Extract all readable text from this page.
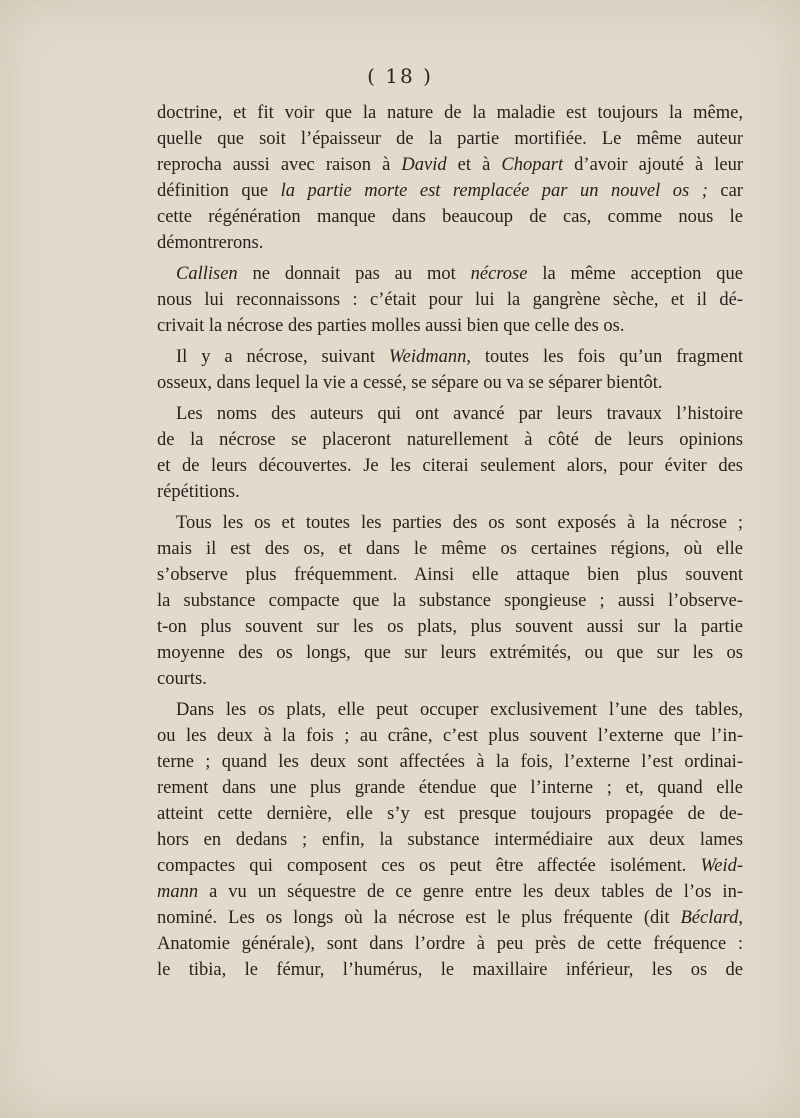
( 18 )
doctrine, et fit voir que la nature de la maladie est toujours la même,
quelle que soit l’épaisseur de la partie mortifiée. Le même auteur
reprocha aussi avec raison à David et à Chopart d’avoir ajouté à leur
définition que la partie morte est remplacée par un nouvel os ; car
cette régénération manque dans beaucoup de cas, comme nous le
démontrerons.
Callisen ne donnait pas au mot nécrose la même acception que
nous lui reconnaissons : c’était pour lui la gangrène sèche, et il dé-
crivait la nécrose des parties molles aussi bien que celle des os.
Il y a nécrose, suivant Weidmann, toutes les fois qu’un fragment
osseux, dans lequel la vie a cessé, se sépare ou va se séparer bientôt.
Les noms des auteurs qui ont avancé par leurs travaux l’histoire
de la nécrose se placeront naturellement à côté de leurs opinions
et de leurs découvertes. Je les citerai seulement alors, pour éviter des
répétitions.
Tous les os et toutes les parties des os sont exposés à la nécrose ;
mais il est des os, et dans le même os certaines régions, où elle
s’observe plus fréquemment. Ainsi elle attaque bien plus souvent
la substance compacte que la substance spongieuse ; aussi l’observe-
t-on plus souvent sur les os plats, plus souvent aussi sur la partie
moyenne des os longs, que sur leurs extrémités, ou que sur les os
courts.
Dans les os plats, elle peut occuper exclusivement l’une des tables,
ou les deux à la fois ; au crâne, c’est plus souvent l’externe que l’in-
terne ; quand les deux sont affectées à la fois, l’externe l’est ordinai-
rement dans une plus grande étendue que l’interne ; et, quand elle
atteint cette dernière, elle s’y est presque toujours propagée de de-
hors en dedans ; enfin, la substance intermédiaire aux deux lames
compactes qui composent ces os peut être affectée isolément. Weid-
mann a vu un séquestre de ce genre entre les deux tables de l’os in-
nominé. Les os longs où la nécrose est le plus fréquente (dit Béclard,
Anatomie générale), sont dans l’ordre à peu près de cette fréquence :
le tibia, le fémur, l’humérus, le maxillaire inférieur, les os de
